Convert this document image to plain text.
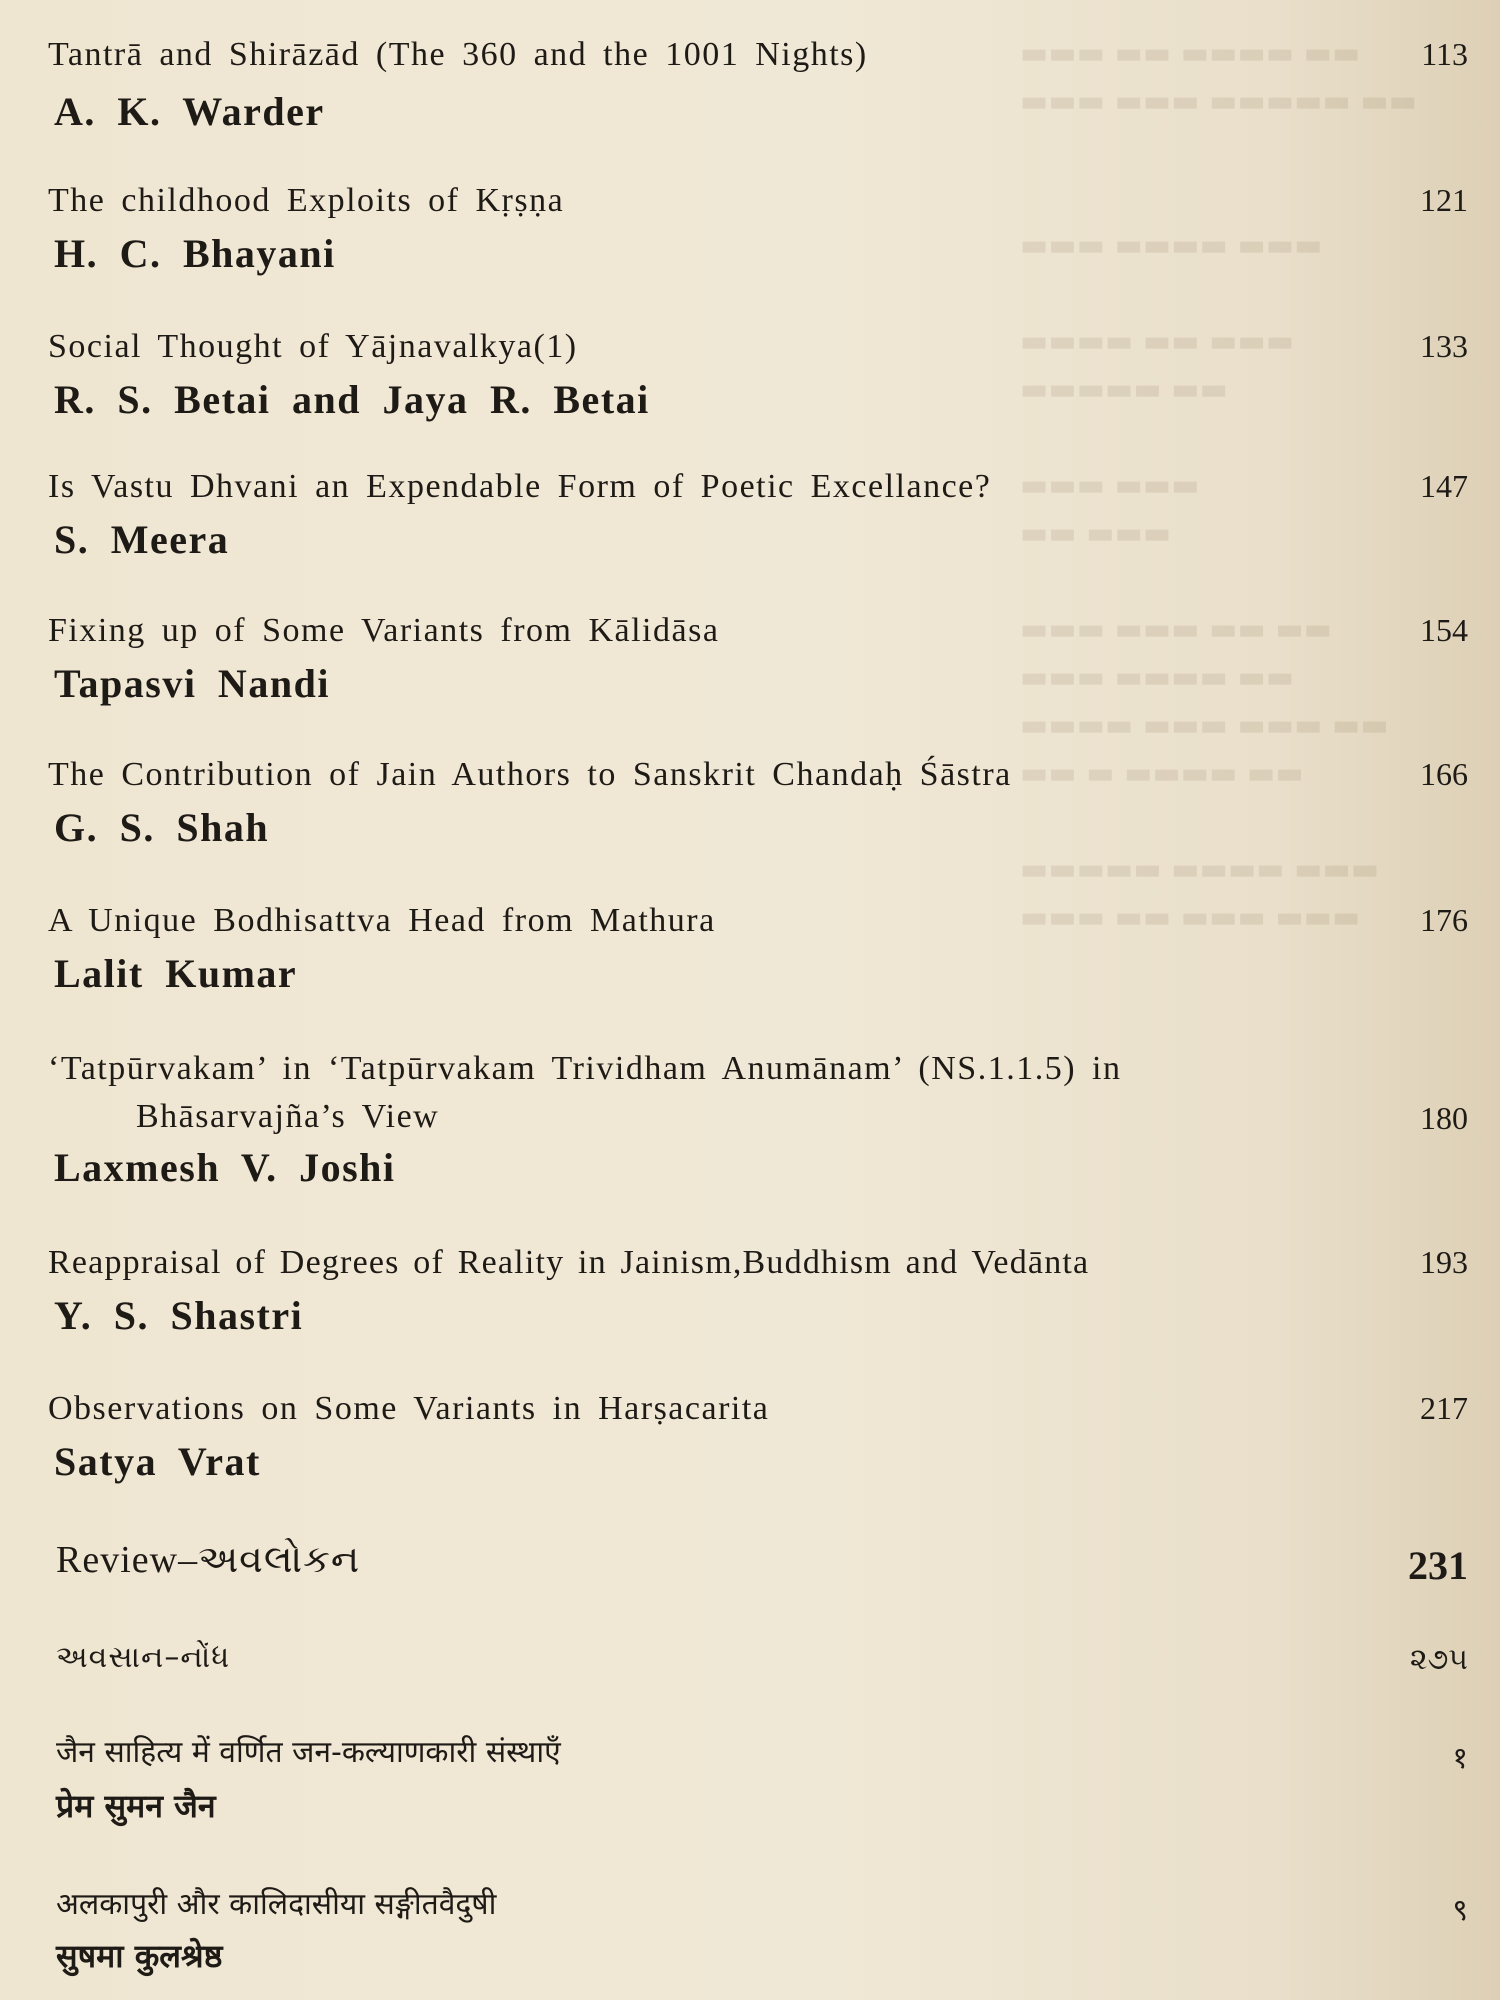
▬▬▬ ▬▬ ▬▬▬▬ ▬▬
▬▬▬ ▬▬▬ ▬▬▬▬▬ ▬▬

▬▬▬ ▬▬▬▬ ▬▬▬

▬▬▬▬ ▬▬ ▬▬▬
▬▬▬▬▬ ▬▬

▬▬▬ ▬▬▬
▬▬ ▬▬▬

▬▬▬ ▬▬▬ ▬▬ ▬▬
▬▬▬ ▬▬▬▬ ▬▬
▬▬▬▬ ▬▬▬ ▬▬▬ ▬▬
▬▬ ▬ ▬▬▬▬ ▬▬

▬▬▬▬▬ ▬▬▬▬ ▬▬▬
▬▬▬ ▬▬ ▬▬▬ ▬▬▬
Tantrā and Shirāzād (The 360 and the 1001 Nights)	113
A. K. Warder
The childhood Exploits of Kṛṣṇa	121
H. C. Bhayani
Social Thought of Yājnavalkya(1)	133
R. S. Betai and Jaya R. Betai
Is Vastu Dhvani an Expendable Form of Poetic Excellance?	147
S. Meera
Fixing up of Some Variants from Kālidāsa	154
Tapasvi Nandi
The Contribution of Jain Authors to Sanskrit Chandaḥ Śāstra	166
G. S. Shah
A Unique Bodhisattva Head from Mathura	176
Lalit Kumar
‘Tatpūrvakam’ in ‘Tatpūrvakam Trividham Anumānam’ (NS.1.1.5) in
Bhāsarvajña’s View	180
Laxmesh V. Joshi
Reappraisal of Degrees of Reality in Jainism,Buddhism and Vedānta	193
Y. S. Shastri
Observations on Some Variants in Harṣacarita	217
Satya Vrat
Review–અવલોકન	231
અવસાન–નોંધ	૨૭૫
जैन साहित्य में वर्णित जन-कल्याणकारी संस्थाएँ	१
प्रेम सुमन जैन
अलकापुरी और कालिदासीया सङ्गीतवैदुषी	९
सुषमा कुलश्रेष्ठ
